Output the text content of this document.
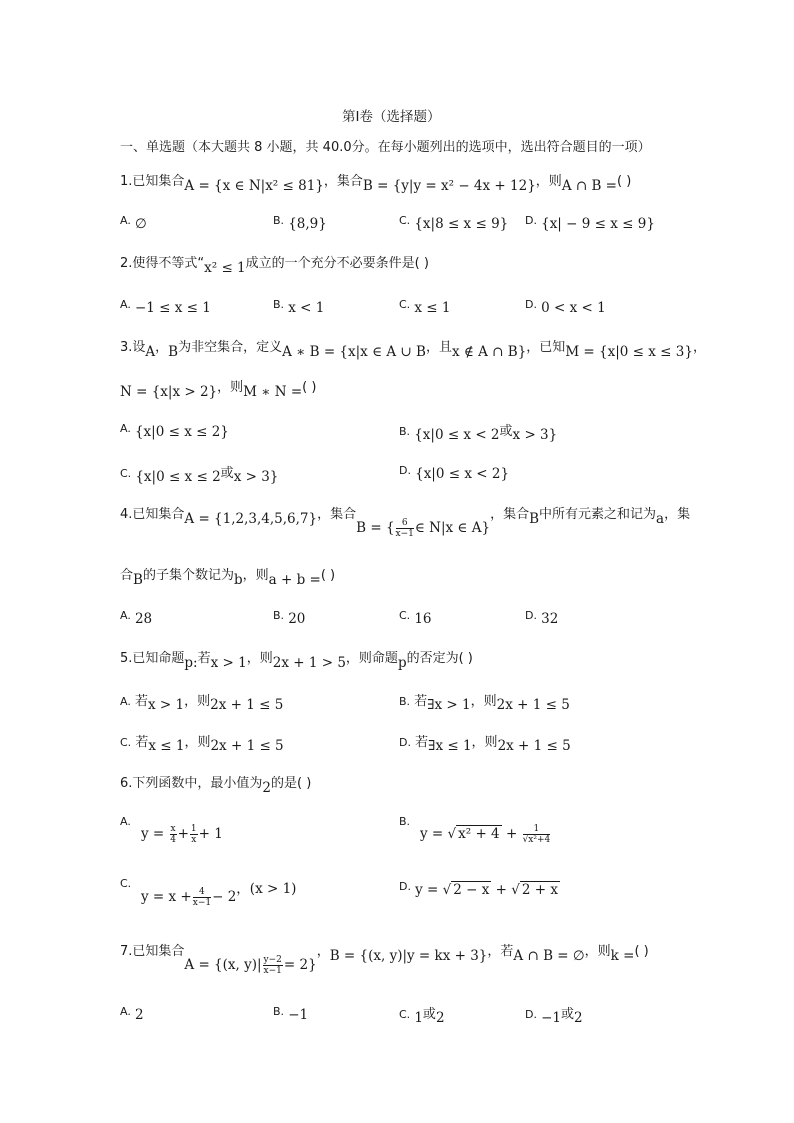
第Ⅰ卷（选择题）
一、单选题（本大题共 8 小题，共 40.0分。在每小题列出的选项中，选出符合题目的一项）
1.已知集合A = {x ∈ N|x² ≤ 81}，集合B = {y|y = x² − 4x + 12}，则A ∩ B =( )
A. ∅	B. {8,9}	C. {x|8 ≤ x ≤ 9} D. {x| − 9 ≤ x ≤ 9}
2.使得不等式“x² ≤ 1成立的一个充分不必要条件是( )
A. −1 ≤ x ≤ 1	B. x < 1	C. x ≤ 1	D. 0 < x < 1
3.设A，B为非空集合，定义A ∗ B = {x|x ∈ A ∪ B，且x ∉ A ∩ B}，已知M = {x|0 ≤ x ≤ 3}，
N = {x|x > 2}，则M ∗ N =( )
A. {x|0 ≤ x ≤ 2}	B. {x|0 ≤ x < 2或x > 3}
C. {x|0 ≤ x ≤ 2或x > 3}	D. {x|0 ≤ x < 2}
4.已知集合A = {1,2,3,4,5,6,7}，集合B = { $\frac{6}{x-1}$ ∈ N|x ∈ A}，集合B中所有元素之和记为a，集
合B的子集个数记为b，则a + b =( )
A. 28	B. 20	C. 16	D. 32
5.已知命题p:若x > 1，则2x + 1 > 5，则命题p的否定为( )
A. 若x > 1，则2x + 1 ≤ 5	B. 若∃x > 1，则2x + 1 ≤ 5
C. 若x ≤ 1，则2x + 1 ≤ 5	D. 若∃x ≤ 1，则2x + 1 ≤ 5
6.下列函数中，最小值为2的是( )
A.
$y = \frac{x}{4} + \frac{1}{x} + 1$
B.
y = √ $x^2 + 4 + \frac{1}{\text{√x²+4}}$
C.
$y = x + \frac{4}{x-1} - 2$，(x > 1)	D. y = √ 2 − x + √ 2 + x
7.已知集合A = {(x, $y)| \frac{y-2}{x-1} = 2$}，B = {(x, y)|y = kx + 3}，若A ∩ B = ∅，则k =( )
A. 2	B. −1	C. 1或2	D. −1或2
